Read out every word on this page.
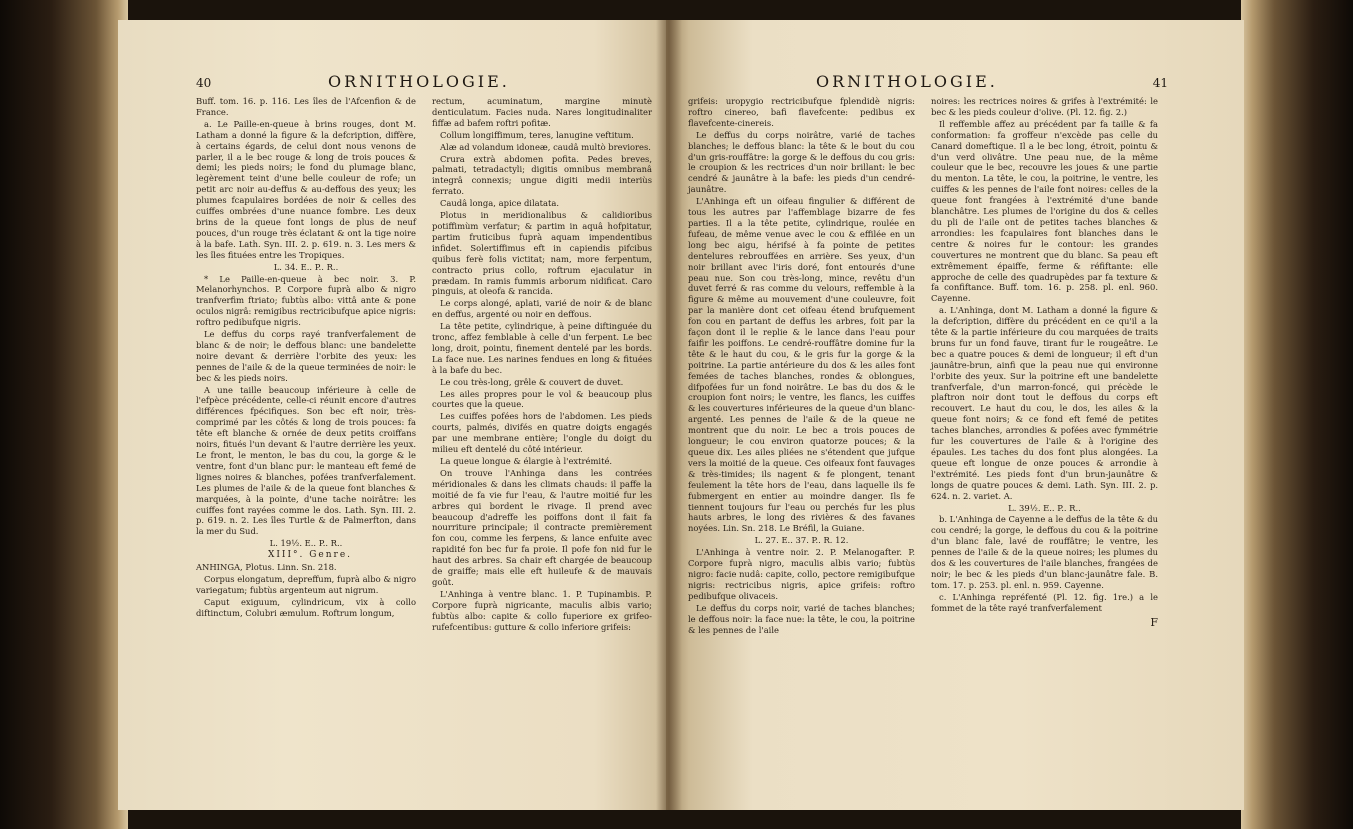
40	ORNITHOLOGIE.

Buff. tom. 16. p. 116. Les îles de l'Afcenfion & de France.

a. Le Paille-en-queue à brins rouges, dont M. Latham a donné la figure & la defcription, diffère, à certains égards, de celui dont nous venons de parler, il a le bec rouge & long de trois pouces & demi; les pieds noirs; le fond du plumage blanc, legèrement teint d'une belle couleur de rofe; un petit arc noir au-deffus & au-deffous des yeux; les plumes fcapulaires bordées de noir & celles des cuiffes ombrées d'une nuance fombre. Les deux brins de la queue font longs de plus de neuf pouces, d'un rouge très éclatant & ont la tige noire à la bafe. Lath. Syn. III. 2. p. 619. n. 3. Les mers & les îles fituées entre les Tropiques.

L. 34. E.. P.. R..

* Le Paille-en-queue à bec noir. 3. P. Melanorhynchos. P. Corpore fuprà albo & nigro tranfverfim ftriato; fubtùs albo: vittâ ante & pone oculos nigrâ: remigibus rectricibufque apice nigris: roftro pedibufque nigris.

Le deffus du corps rayé tranfverfalement de blanc & de noir; le deffous blanc: une bandelette noire devant & derrière l'orbite des yeux: les pennes de l'aile & de la queue terminées de noir: le bec & les pieds noirs.

A une taille beaucoup inférieure à celle de l'efpèce précédente, celle-ci réunit encore d'autres différences fpécifiques. Son bec eft noir, très-comprimé par les côtés & long de trois pouces: fa tête eft blanche & ornée de deux petits croiffans noirs, fitués l'un devant & l'autre derrière les yeux. Le front, le menton, le bas du cou, la gorge & le ventre, font d'un blanc pur: le manteau eft femé de lignes noires & blanches, pofées tranfverfalement. Les plumes de l'aile & de la queue font blanches & marquées, à la pointe, d'une tache noirâtre: les cuiffes font rayées comme le dos. Lath. Syn. III. 2. p. 619. n. 2. Les îles Turtle & de Palmerfton, dans la mer du Sud.

L. 19½. E.. P.. R..

XIII°. Genre.

ANHINGA, Plotus. Linn. Sn. 218.

Corpus elongatum, depreffum, fuprà albo & nigro variegatum; fubtùs argenteum aut nigrum.

Caput exiguum, cylindricum, vix à collo diftinctum, Colubri æmulum. Roftrum longum,

rectum, acuminatum, margine minutè denticulatum. Facies nuda. Nares longitudinaliter fiffæ ad bafem roftri pofitæ.

Collum longiffimum, teres, lanugine veftitum.

Alæ ad volandum idoneæ, caudâ multò breviores.

Crura extrà abdomen pofita. Pedes breves, palmati, tetradactyli; digitis omnibus membranâ integrâ connexis; ungue digiti medii interiùs ferrato.

Caudâ longa, apice dilatata.

Plotus in meridionalibus & calidioribus potiffimùm verfatur; & partim in aquâ hofpitatur, partim fruticibus fuprà aquam impendentibus infidet. Solertiffimus eft in capiendis pifcibus quibus ferè folis victitat; nam, more ferpentum, contracto prius collo, roftrum ejaculatur in prædam. In ramis fummis arborum nidificat. Caro pinguis, at oleofa & rancida.

Le corps alongé, aplati, varié de noir & de blanc en deffus, argenté ou noir en deffous.

La tête petite, cylindrique, à peine diftinguée du tronc, affez femblable à celle d'un ferpent. Le bec long, droit, pointu, finement dentelé par les bords. La face nue. Les narines fendues en long & fituées à la bafe du bec.

Le cou très-long, grêle & couvert de duvet.

Les ailes propres pour le vol & beaucoup plus courtes que la queue.

Les cuiffes pofées hors de l'abdomen. Les pieds courts, palmés, divifés en quatre doigts engagés par une membrane entière; l'ongle du doigt du milieu eft dentelé du côté intérieur.

La queue longue & élargie à l'extrémité.

On trouve l'Anhinga dans les contrées méridionales & dans les climats chauds: il paffe la moitié de fa vie fur l'eau, & l'autre moitié fur les arbres qui bordent le rivage. Il prend avec beaucoup d'adreffe les poiffons dont il fait fa nourriture principale; il contracte premièrement fon cou, comme les ferpens, & lance enfuite avec rapidité fon bec fur fa proie. Il pofe fon nid fur le haut des arbres. Sa chair eft chargée de beaucoup de graiffe; mais elle eft huileufe & de mauvais goût.

L'Anhinga à ventre blanc. 1. P. Tupinambis. P. Corpore fuprà nigricante, maculis albis vario; fubtùs albo: capite & collo fuperiore ex grifeo-rufefcentibus: gutture & collo inferiore grifeis:

ORNITHOLOGIE.	41

grifeis: uropygio rectricibufque fplendidè nigris: roftro cinereo, bafi flavefcente: pedibus ex flavefcente-cinereis.

Le deffus du corps noirâtre, varié de taches blanches; le deffous blanc: la tête & le bout du cou d'un gris-rouffâtre: la gorge & le deffous du cou gris: le croupion & les rectrices d'un noir brillant: le bec cendré & jaunâtre à la bafe: les pieds d'un cendré-jaunâtre.

L'Anhinga eft un oifeau fingulier & différent de tous les autres par l'affemblage bizarre de fes parties. Il a la tête petite, cylindrique, roulée en fufeau, de même venue avec le cou & effilée en un long bec aigu, hérifsé à fa pointe de petites dentelures rebrouffées en arrière. Ses yeux, d'un noir brillant avec l'iris doré, font entourés d'une peau nue. Son cou très-long, mince, revêtu d'un duvet ferré & ras comme du velours, reffemble à la figure & même au mouvement d'une couleuvre, foit par la manière dont cet oifeau étend brufquement fon cou en partant de deffus les arbres, foit par la façon dont il le replie & le lance dans l'eau pour faifir les poiffons. Le cendré-rouffâtre domine fur la tête & le haut du cou, & le gris fur la gorge & la poitrine. La partie antérieure du dos & les ailes font femées de taches blanches, rondes & oblongues, difpofées fur un fond noirâtre. Le bas du dos & le croupion font noirs; le ventre, les flancs, les cuiffes & les couvertures inférieures de la queue d'un blanc-argenté. Les pennes de l'aile & de la queue ne montrent que du noir. Le bec a trois pouces de longueur; le cou environ quatorze pouces; & la queue dix. Les ailes pliées ne s'étendent que jufque vers la moitié de la queue. Ces oifeaux font fauvages & très-timides; ils nagent & fe plongent, tenant feulement la tête hors de l'eau, dans laquelle ils fe fubmergent en entier au moindre danger. Ils fe tiennent toujours fur l'eau ou perchés fur les plus hauts arbres, le long des rivières & des favanes noyées. Lin. Sn. 218. Le Bréfil, la Guiane.

L. 27. E.. 37. P.. R. 12.

L'Anhinga à ventre noir. 2. P. Melanogafter. P. Corpore fuprà nigro, maculis albis vario; fubtùs nigro: facie nudâ: capite, collo, pectore remigibufque nigris: rectricibus nigris, apice grifeis: roftro pedibufque olivaceis.

Le deffus du corps noir, varié de taches blanches; le deffous noir: la face nue: la tête, le cou, la poitrine & les pennes de l'aile

noires: les rectrices noires & grifes à l'extrémité: le bec & les pieds couleur d'olive. (Pl. 12. fig. 2.)

Il reffemble affez au précédent par fa taille & fa conformation: fa groffeur n'excède pas celle du Canard domeftique. Il a le bec long, étroit, pointu & d'un verd olivâtre. Une peau nue, de la même couleur que le bec, recouvre les joues & une partie du menton. La tête, le cou, la poitrine, le ventre, les cuiffes & les pennes de l'aile font noires: celles de la queue font frangées à l'extrémité d'une bande blanchâtre. Les plumes de l'origine du dos & celles du pli de l'aile ont de petites taches blanches & arrondies: les fcapulaires font blanches dans le centre & noires fur le contour: les grandes couvertures ne montrent que du blanc. Sa peau eft extrêmement épaiffe, ferme & réfiftante: elle approche de celle des quadrupèdes par fa texture & fa confiftance. Buff. tom. 16. p. 258. pl. enl. 960. Cayenne.

a. L'Anhinga, dont M. Latham a donné la figure & la defcription, diffère du précédent en ce qu'il a la tête & la partie inférieure du cou marquées de traits bruns fur un fond fauve, tirant fur le rougeâtre. Le bec a quatre pouces & demi de longueur; il eft d'un jaunâtre-brun, ainfi que la peau nue qui environne l'orbite des yeux. Sur la poitrine eft une bandelette tranfverfale, d'un marron-foncé, qui précède le plaftron noir dont tout le deffous du corps eft recouvert. Le haut du cou, le dos, les ailes & la queue font noirs; & ce fond eft femé de petites taches blanches, arrondies & pofées avec fymmétrie fur les couvertures de l'aile & à l'origine des épaules. Les taches du dos font plus alongées. La queue eft longue de onze pouces & arrondie à l'extrémité. Les pieds font d'un brun-jaunâtre & longs de quatre pouces & demi. Lath. Syn. III. 2. p. 624. n. 2. variet. A.

L. 39½. E.. P.. R..

b. L'Anhinga de Cayenne a le deffus de la tête & du cou cendré; la gorge, le deffous du cou & la poitrine d'un blanc fale, lavé de rouffâtre; le ventre, les pennes de l'aile & de la queue noires; les plumes du dos & les couvertures de l'aile blanches, frangées de noir; le bec & les pieds d'un blanc-jaunâtre fale. B. tom. 17. p. 253. pl. enl. n. 959. Cayenne.

c. L'Anhinga repréfenté (Pl. 12. fig. 1re.) a le fommet de la tête rayé tranfverfalement

F
